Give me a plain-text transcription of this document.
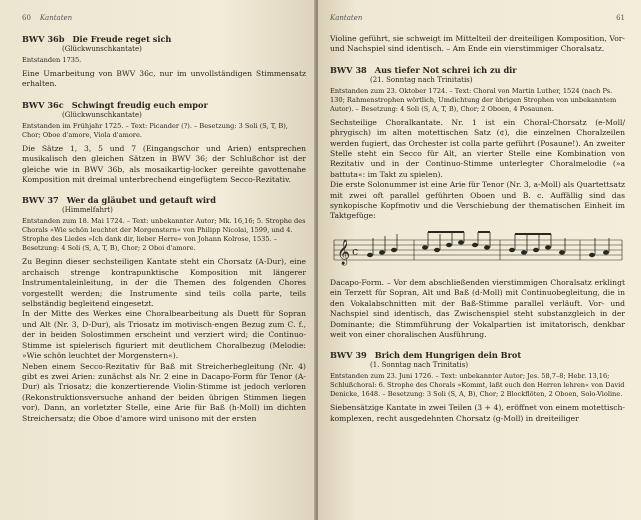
60 Kantaten
BWV 36b Die Freude reget sich
(Glückwunschkantate)
Entstanden 1735.

Eine Umarbeitung von BWV 36c, nur im unvollständigen Stimmensatz erhalten.

BWV 36c Schwingt freudig euch empor
(Glückwunschkantate)
Entstanden im Frühjahr 1725. – Text: Picander (?). – Besetzung: 3 Soli (S, T, B), Chor; Oboe d'amore, Viola d'amore.

Die Sätze 1, 3, 5 und 7 (Eingangschor und Arien) entsprechen musikalisch den gleichen Sätzen in BWV 36; der Schlußchor ist der gleiche wie in BWV 36b, als mosaikartig-locker gereihte gavottenahe Komposition mit dreimal unterbrechend eingefügtem Secco-Rezitativ.

BWV 37 Wer da gläubet und getauft wird
(Himmelfahrt)
Entstanden zum 18. Mai 1724. – Text: unbekannter Autor; Mk. 16,16; 5. Strophe des Chorals »Wie schön leuchtet der Morgenstern« von Philipp Nicolai, 1599, und 4. Strophe des Liedes »Ich dank dir, lieber Herre« von Johann Kolrose, 1535. – Besetzung: 4 Soli (S, A, T, B), Chor; 2 Oboi d'amore.

Zu Beginn dieser sechsteiligen Kantate steht ein Chorsatz (A-Dur), eine archaisch strenge kontrapunktische Komposition mit längerer Instrumentaleinleitung, in der die Themen des folgenden Chores vorgestellt werden; die Instrumente sind teils colla parte, teils selbständig begleitend eingesetzt.

In der Mitte des Werkes eine Choralbearbeitung als Duett für Sopran und Alt (Nr. 3, D-Dur), als Triosatz im motivisch-engen Bezug zum C. f., der in beiden Solostimmen erscheint und verziert wird; die Continuo-Stimme ist spielerisch figuriert mit deutlichem Choralbezug (Melodie: »Wie schön leuchtet der Morgenstern«).

Neben einem Secco-Rezitativ für Baß mit Streicherbegleitung (Nr. 4) gibt es zwei Arien: zunächst als Nr. 2 eine in Dacapo-Form für Tenor (A-Dur) als Triosatz; die konzertierende Violin-Stimme ist jedoch verloren (Rekonstruktionsversuche anhand der beiden übrigen Stimmen liegen vor). Dann, an vorletzter Stelle, eine Arie für Baß (h-Moll) im dichten Streichersatz; die Oboe d'amore wird unisono mit der ersten

Kantaten	61

Violine geführt, sie schweigt im Mittelteil der dreiteiligen Komposition, Vor- und Nachspiel sind identisch. – Am Ende ein vierstimmiger Choralsatz.

BWV 38 Aus tiefer Not schrei ich zu dir
(21. Sonntag nach Trinitatis)
Entstanden zum 23. Oktober 1724. – Text: Choral von Martin Luther, 1524 (nach Ps. 130; Rahmenstrophen wörtlich, Umdichtung der übrigen Strophen von unbekanntem Autor). – Besetzung: 4 Soli (S, A, T, B), Chor; 2 Oboen, 4 Posaunen.

Sechsteilige Choralkantate. Nr. 1 ist ein Choral-Chorsatz (e-Moll/ phrygisch) im alten motettischen Satz (¢), die einzelnen Choralzeilen werden fugiert, das Orchester ist colla parte geführt (Posaune!). An zweiter Stelle steht ein Secco für Alt, an vierter Stelle eine Kombination von Rezitativ und in der Continuo-Stimme unterlegter Choralmelodie (»a battuta«: im Takt zu spielen).

Die erste Solonummer ist eine Arie für Tenor (Nr. 3, a-Moll) als Quartettsatz mit zwei oft parallel geführten Oboen und B. c. Auffällig sind das synkopische Kopfmotiv und die Verschiebung der thematischen Einheit im Taktgefüge:

𝄞 c

Dacapo-Form. – Vor dem abschließenden vierstimmigen Choralsatz erklingt ein Terzett für Sopran, Alt und Baß (d-Moll) mit Continuobegleitung, die in den Vokalabschnitten mit der Baß-Stimme parallel verläuft. Vor- und Nachspiel sind identisch, das Zwischenspiel steht substanzgleich in der Dominante; die Stimmführung der Vokalpartien ist imitatorisch, denkbar weit von einer choralischen Ausführung.

BWV 39 Brich dem Hungrigen dein Brot
(1. Sonntag nach Trinitatis)
Entstanden zum 23. Juni 1726. – Text: unbekannter Autor; Jes. 58,7–8; Hebr. 13,16; Schlußchoral: 6. Strophe des Chorals »Kommt, laßt euch den Herren lehren« von David Denicke, 1648. – Besetzung: 3 Soli (S, A, B), Chor; 2 Blockflöten, 2 Oboen, Solo-Violine.

Siebensätzige Kantate in zwei Teilen (3 + 4), eröffnet von einem motettisch-komplexen, recht ausgedehnten Chorsatz (g-Moll) in dreiteiliger
